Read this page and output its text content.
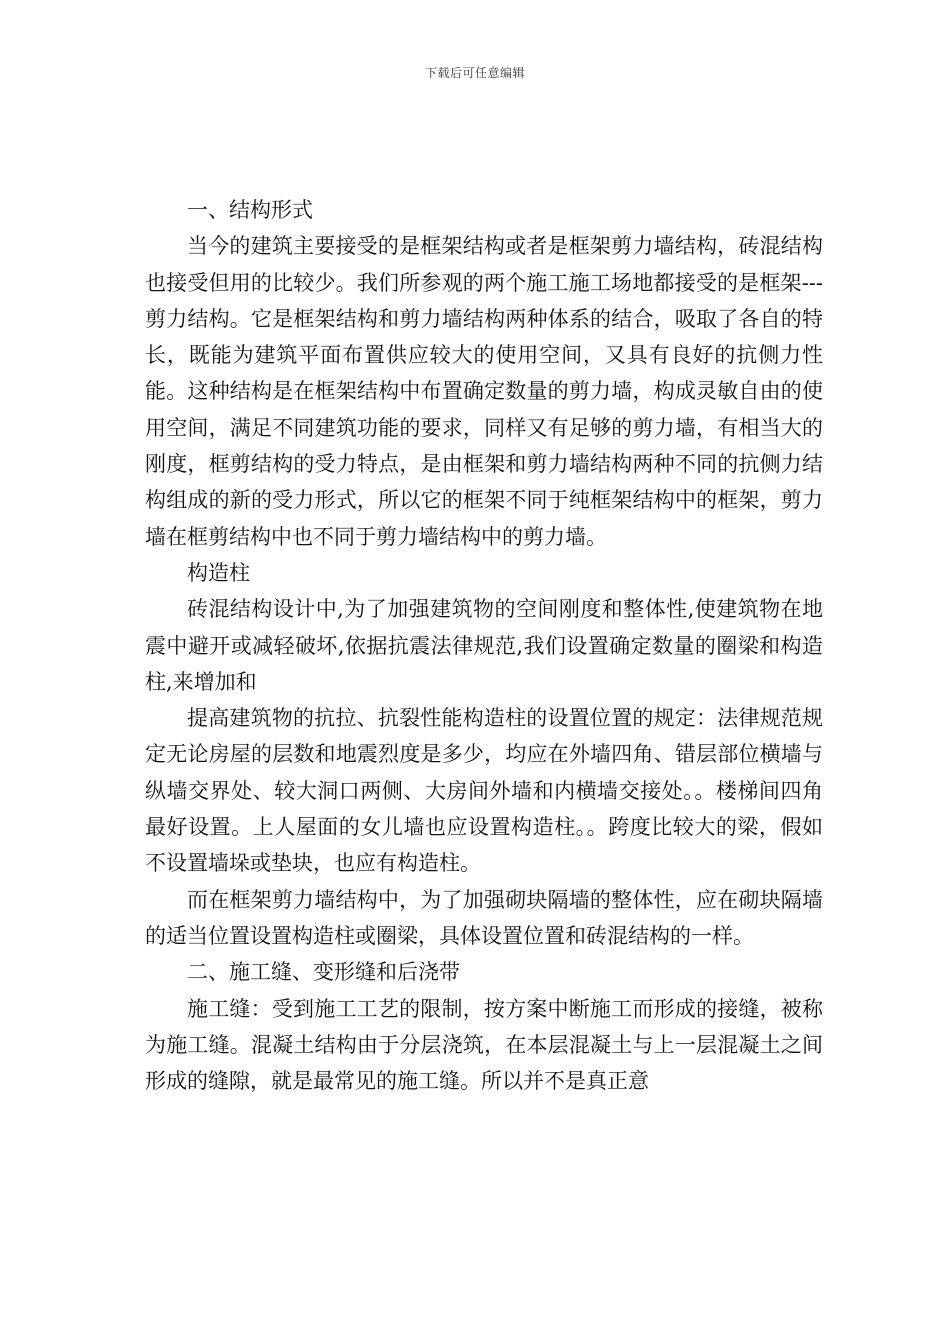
下载后可任意编辑

一、结构形式

当今的建筑主要接受的是框架结构或者是框架剪力墙结构，砖混结构也接受但用的比较少。我们所参观的两个施工施工场地都接受的是框架---剪力结构。它是框架结构和剪力墙结构两种体系的结合，吸取了各自的特长，既能为建筑平面布置供应较大的使用空间，又具有良好的抗侧力性能。这种结构是在框架结构中布置确定数量的剪力墙，构成灵敏自由的使用空间，满足不同建筑功能的要求，同样又有足够的剪力墙，有相当大的刚度，框剪结构的受力特点，是由框架和剪力墙结构两种不同的抗侧力结构组成的新的受力形式，所以它的框架不同于纯框架结构中的框架，剪力墙在框剪结构中也不同于剪力墙结构中的剪力墙。

构造柱

砖混结构设计中,为了加强建筑物的空间刚度和整体性,使建筑物在地震中避开或减轻破坏,依据抗震法律规范,我们设置确定数量的圈梁和构造柱,来增加和

提高建筑物的抗拉、抗裂性能构造柱的设置位置的规定：法律规范规定无论房屋的层数和地震烈度是多少，均应在外墙四角、错层部位横墙与纵墙交界处、较大洞口两侧、大房间外墙和内横墙交接处。。楼梯间四角最好设置。上人屋面的女儿墙也应设置构造柱。。跨度比较大的梁，假如不设置墙垛或垫块，也应有构造柱。

而在框架剪力墙结构中，为了加强砌块隔墙的整体性，应在砌块隔墙的适当位置设置构造柱或圈梁，具体设置位置和砖混结构的一样。

二、施工缝、变形缝和后浇带

施工缝：受到施工工艺的限制，按方案中断施工而形成的接缝，被称为施工缝。混凝土结构由于分层浇筑，在本层混凝土与上一层混凝土之间形成的缝隙，就是最常见的施工缝。所以并不是真正意
